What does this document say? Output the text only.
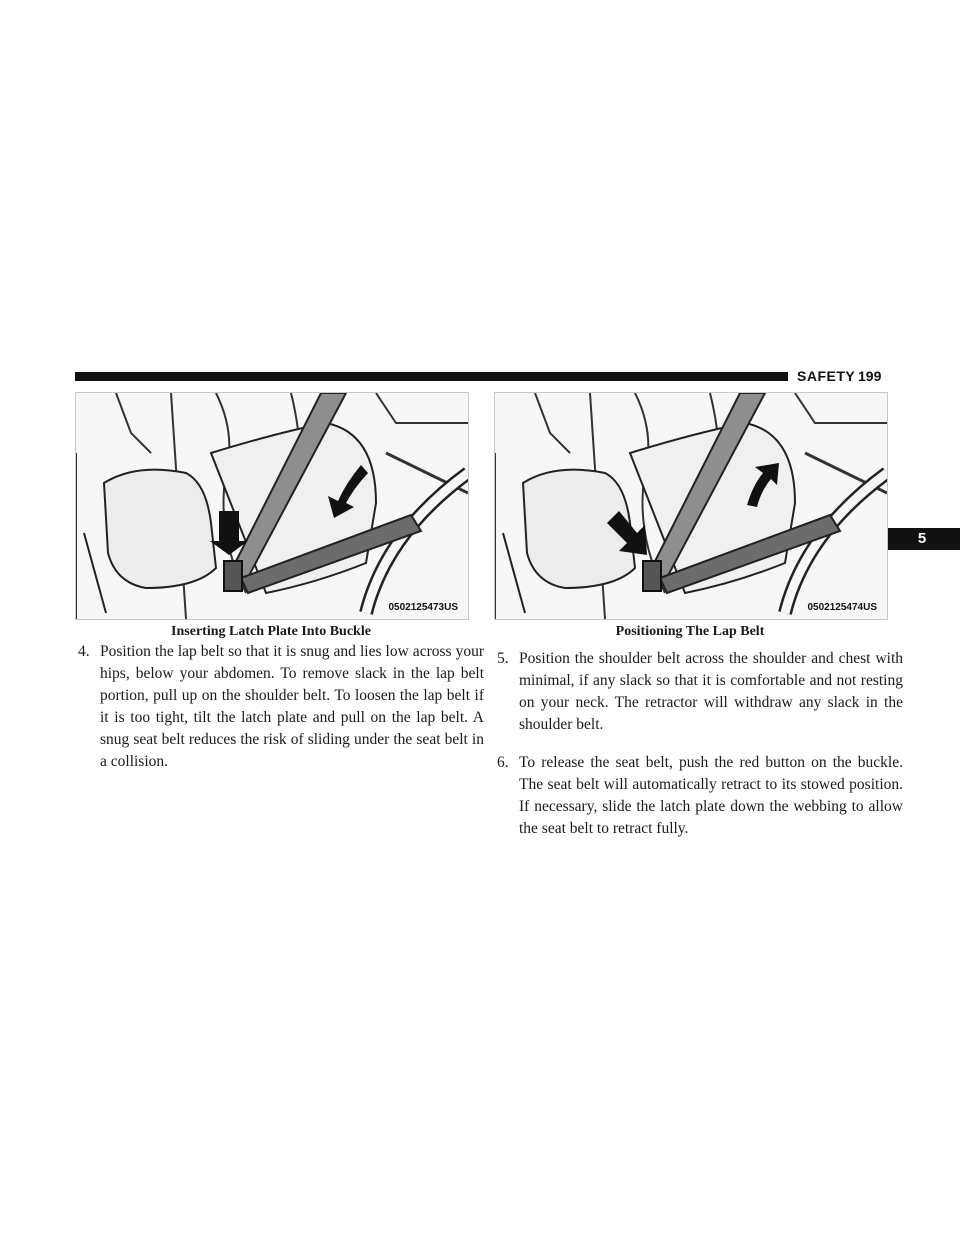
SAFETY 199
5
0502125473US
Inserting Latch Plate Into Buckle
0502125474US
Positioning The Lap Belt
4. Position the lap belt so that it is snug and lies low across your hips, below your abdomen. To remove slack in the lap belt portion, pull up on the shoulder belt. To loosen the lap belt if it is too tight, tilt the latch plate and pull on the lap belt. A snug seat belt reduces the risk of sliding under the seat belt in a collision.
5. Position the shoulder belt across the shoulder and chest with minimal, if any slack so that it is comfortable and not resting on your neck. The retractor will withdraw any slack in the shoulder belt.
6. To release the seat belt, push the red button on the buckle. The seat belt will automatically retract to its stowed position. If necessary, slide the latch plate down the webbing to allow the seat belt to retract fully.
